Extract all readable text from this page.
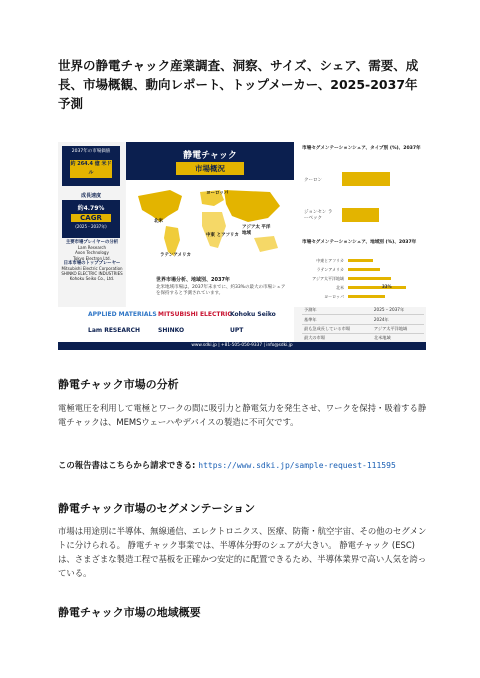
世界の静電チャック産業調査、洞察、サイズ、シェア、需要、成長、市場概観、動向レポート、トップメーカー、2025-2037年予測
2037年の市場価値
約 264.4 億 米ドル
成長速度
約4.79%
CAGR
(2025 - 2037年)
主要市場プレイヤーの分析
Lam Research
Axon Technology
Tokyo Electron Ltd.
日本市場のトッププレーヤー
Mitsubishi Electric Corporation
SHINKO ELECTRIC INDUSTRIES
Kohoku Seiko Co., Ltd.
静電チャック
市場概況
北米
ヨーロッパ
中東 とアフリカ
アジア太 平洋地域
ラテンアメリカ
世界市場分析、地域別、2037年
北米地域市場は、2037年末までに、約33%の最大の市場シェアを保持すると予測されています。
市場セグメンテーションシェア、タイプ別 (%)、2037年
クーロン
ジョンセン ラーベック
市場セグメンテーションシェア、地域別 (%)、2037年
中東とアフリカ
ラテンアメリカ
アジア太平洋地域
北米	33%
ヨーロッパ
予測年	2025 – 2037年
基準年	2024年
最も急成長している市場	アジア太平洋地域
最大の市場	北米地域
APPLIED MATERIALS MITSUBISHI ELECTRIC
Kohoku Seiko
Lam RESEARCH	SHINKO	UPT
www.sdki.jp | +81-505-050-9337 | info@sdki.jp
静電チャック市場の分析

電極電圧を利用して電極とワークの間に吸引力と静電気力を発生させ、ワークを保持・吸着する静電チャックは、MEMSウェーハやデバイスの製造に不可欠です。

この報告書はこちらから請求できる: https://www.sdki.jp/sample-request-111595
静電チャック市場のセグメンテーション

市場は用途別に半導体、無線通信、エレクトロニクス、医療、防衛・航空宇宙、その他のセグメントに分けられる。 静電チャック事業では、半導体分野のシェアが大きい。 静電チャック (ESC) は、さまざまな製造工程で基板を正確かつ安定的に配置できるため、半導体業界で高い人気を誇っている。

静電チャック市場の地域概要
